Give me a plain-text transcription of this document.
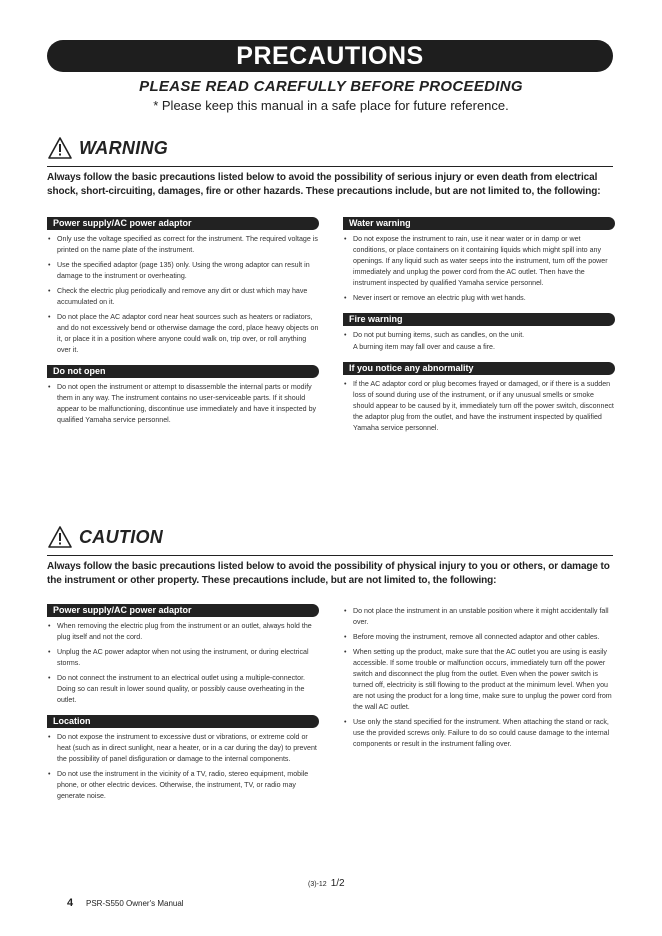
PRECAUTIONS
PLEASE READ CAREFULLY BEFORE PROCEEDING
* Please keep this manual in a safe place for future reference.
WARNING
Always follow the basic precautions listed below to avoid the possibility of serious injury or even death from electrical shock, short-circuiting, damages, fire or other hazards. These precautions include, but are not limited to, the following:
Power supply/AC power adaptor
• Only use the voltage specified as correct for the instrument. The required voltage is printed on the name plate of the instrument.
• Use the specified adaptor (page 135) only. Using the wrong adaptor can result in damage to the instrument or overheating.
• Check the electric plug periodically and remove any dirt or dust which may have accumulated on it.
• Do not place the AC adaptor cord near heat sources such as heaters or radiators, and do not excessively bend or otherwise damage the cord, place heavy objects on it, or place it in a position where anyone could walk on, trip over, or roll anything over it.
Do not open
• Do not open the instrument or attempt to disassemble the internal parts or modify them in any way. The instrument contains no user-serviceable parts. If it should appear to be malfunctioning, discontinue use immediately and have it inspected by qualified Yamaha service personnel.
Water warning
• Do not expose the instrument to rain, use it near water or in damp or wet conditions, or place containers on it containing liquids which might spill into any openings. If any liquid such as water seeps into the instrument, turn off the power immediately and unplug the power cord from the AC outlet. Then have the instrument inspected by qualified Yamaha service personnel.
• Never insert or remove an electric plug with wet hands.
Fire warning
• Do not put burning items, such as candles, on the unit.
A burning item may fall over and cause a fire.
If you notice any abnormality
• If the AC adaptor cord or plug becomes frayed or damaged, or if there is a sudden loss of sound during use of the instrument, or if any unusual smells or smoke should appear to be caused by it, immediately turn off the power switch, disconnect the adaptor plug from the outlet, and have the instrument inspected by qualified Yamaha service personnel.
CAUTION
Always follow the basic precautions listed below to avoid the possibility of physical injury to you or others, or damage to the instrument or other property. These precautions include, but are not limited to, the following:
Power supply/AC power adaptor
• When removing the electric plug from the instrument or an outlet, always hold the plug itself and not the cord.
• Unplug the AC power adaptor when not using the instrument, or during electrical storms.
• Do not connect the instrument to an electrical outlet using a multiple-connector. Doing so can result in lower sound quality, or possibly cause overheating in the outlet.
Location
• Do not expose the instrument to excessive dust or vibrations, or extreme cold or heat (such as in direct sunlight, near a heater, or in a car during the day) to prevent the possibility of panel disfiguration or damage to the internal components.
• Do not use the instrument in the vicinity of a TV, radio, stereo equipment, mobile phone, or other electric devices. Otherwise, the instrument, TV, or radio may generate noise.
• Do not place the instrument in an unstable position where it might accidentally fall over.
• Before moving the instrument, remove all connected adaptor and other cables.
• When setting up the product, make sure that the AC outlet you are using is easily accessible. If some trouble or malfunction occurs, immediately turn off the power switch and disconnect the plug from the outlet. Even when the power switch is turned off, electricity is still flowing to the product at the minimum level. When you are not using the product for a long time, make sure to unplug the power cord from the wall AC outlet.
• Use only the stand specified for the instrument. When attaching the stand or rack, use the provided screws only. Failure to do so could cause damage to the internal components or result in the instrument falling over.
(3)-12 1/2
4 PSR-S550 Owner's Manual
